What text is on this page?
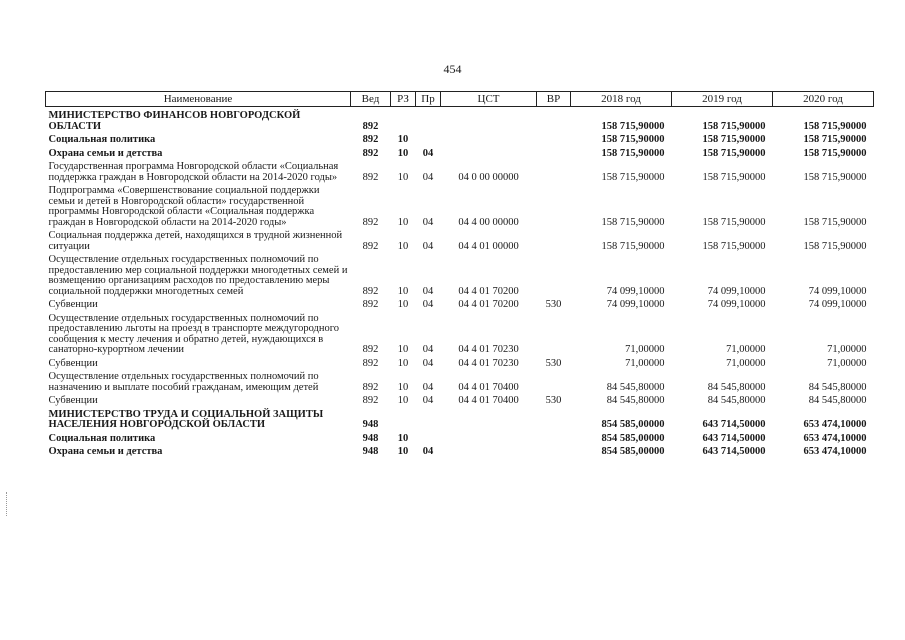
454
Наименование	Вед	РЗ	Пр	ЦСТ	ВР	2018 год	2019 год	2020 год
МИНИСТЕРСТВО ФИНАНСОВ НОВГОРОДСКОЙ ОБЛАСТИ	892					158 715,90000	158 715,90000	158 715,90000
Социальная политика	892	10				158 715,90000	158 715,90000	158 715,90000
Охрана семьи и детства	892	10	04			158 715,90000	158 715,90000	158 715,90000
Государственная программа Новгородской области «Социальная поддержка граждан в Новгородской области на 2014-2020 годы»	892	10	04	04 0 00 00000		158 715,90000	158 715,90000	158 715,90000
Подпрограмма «Совершенствование социальной поддержки семьи и детей в Новгородской области» государственной программы Новгородской области «Социальная поддержка граждан в Новгородской области на 2014-2020 годы»	892	10	04	04 4 00 00000		158 715,90000	158 715,90000	158 715,90000
Социальная поддержка детей, находящихся в трудной жизненной ситуации	892	10	04	04 4 01 00000		158 715,90000	158 715,90000	158 715,90000
Осуществление отдельных государственных полномочий по предоставлению мер социальной поддержки многодетных семей и возмещению организациям расходов по предоставлению меры социальной поддержки многодетных семей	892	10	04	04 4 01 70200		74 099,10000	74 099,10000	74 099,10000
Субвенции	892	10	04	04 4 01 70200	530	74 099,10000	74 099,10000	74 099,10000
Осуществление отдельных государственных полномочий по предоставлению льготы на проезд в транспорте междугородного сообщения к месту лечения и обратно детей, нуждающихся в санаторно-курортном лечении	892	10	04	04 4 01 70230		71,00000	71,00000	71,00000
Субвенции	892	10	04	04 4 01 70230	530	71,00000	71,00000	71,00000
Осуществление отдельных государственных полномочий по назначению и выплате пособий гражданам, имеющим детей	892	10	04	04 4 01 70400		84 545,80000	84 545,80000	84 545,80000
Субвенции	892	10	04	04 4 01 70400	530	84 545,80000	84 545,80000	84 545,80000
МИНИСТЕРСТВО ТРУДА И СОЦИАЛЬНОЙ ЗАЩИТЫ НАСЕЛЕНИЯ НОВГОРОДСКОЙ ОБЛАСТИ	948					854 585,00000	643 714,50000	653 474,10000
Социальная политика	948	10				854 585,00000	643 714,50000	653 474,10000
Охрана семьи и детства	948	10	04			854 585,00000	643 714,50000	653 474,10000
